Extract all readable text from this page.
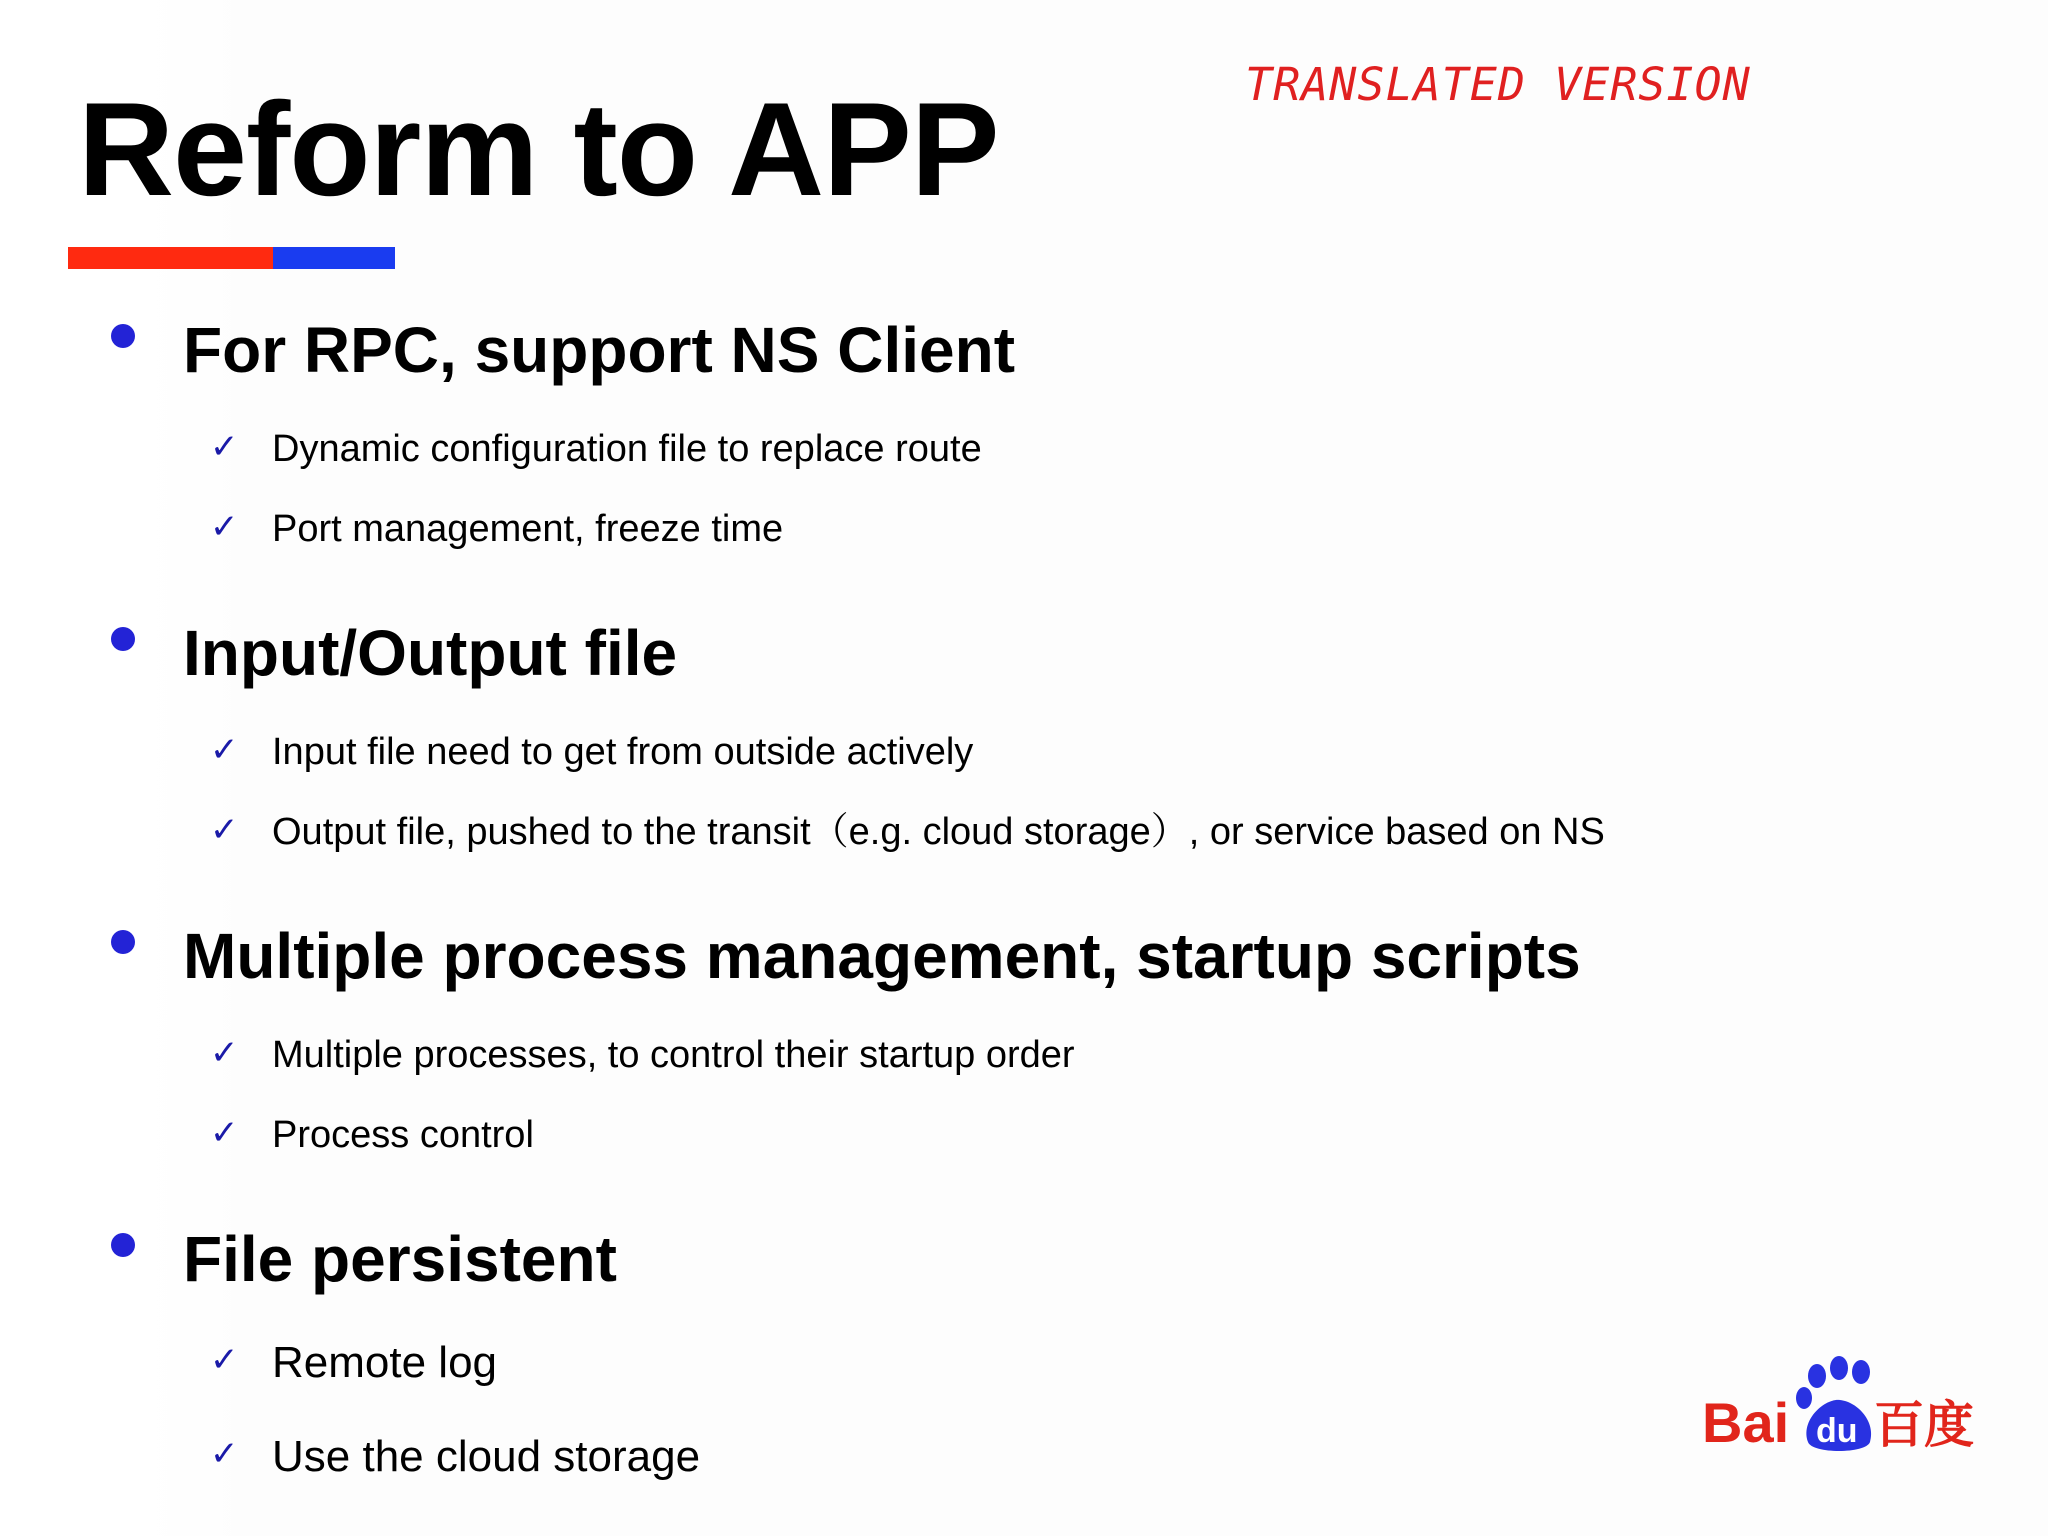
TRANSLATED VERSION
Reform to APP
For RPC, support NS Client
✓ Dynamic configuration file to replace route
✓ Port management, freeze time
Input/Output file
✓ Input file need to get from outside actively
✓ Output file, pushed to the transit（e.g. cloud storage）, or service based on NS
Multiple process management, startup scripts
✓ Multiple processes, to control their startup order
✓ Process control
File persistent
✓ Remote log
✓ Use the cloud storage
Bai du 百度
